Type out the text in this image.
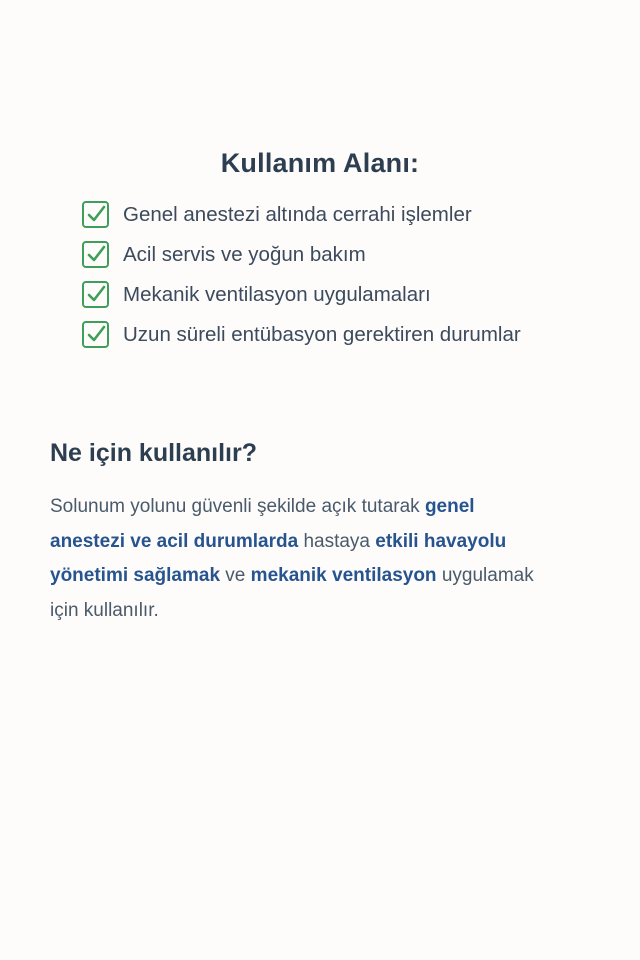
Kullanım Alanı:
Genel anestezi altında cerrahi işlemler
Acil servis ve yoğun bakım
Mekanik ventilasyon uygulamaları
Uzun süreli entübasyon gerektiren durumlar
Ne için kullanılır?

Solunum yolunu güvenli şekilde açık tutarak genel anestezi ve acil durumlarda hastaya etkili havayolu yönetimi sağlamak ve mekanik ventilasyon uygulamak için kullanılır.
